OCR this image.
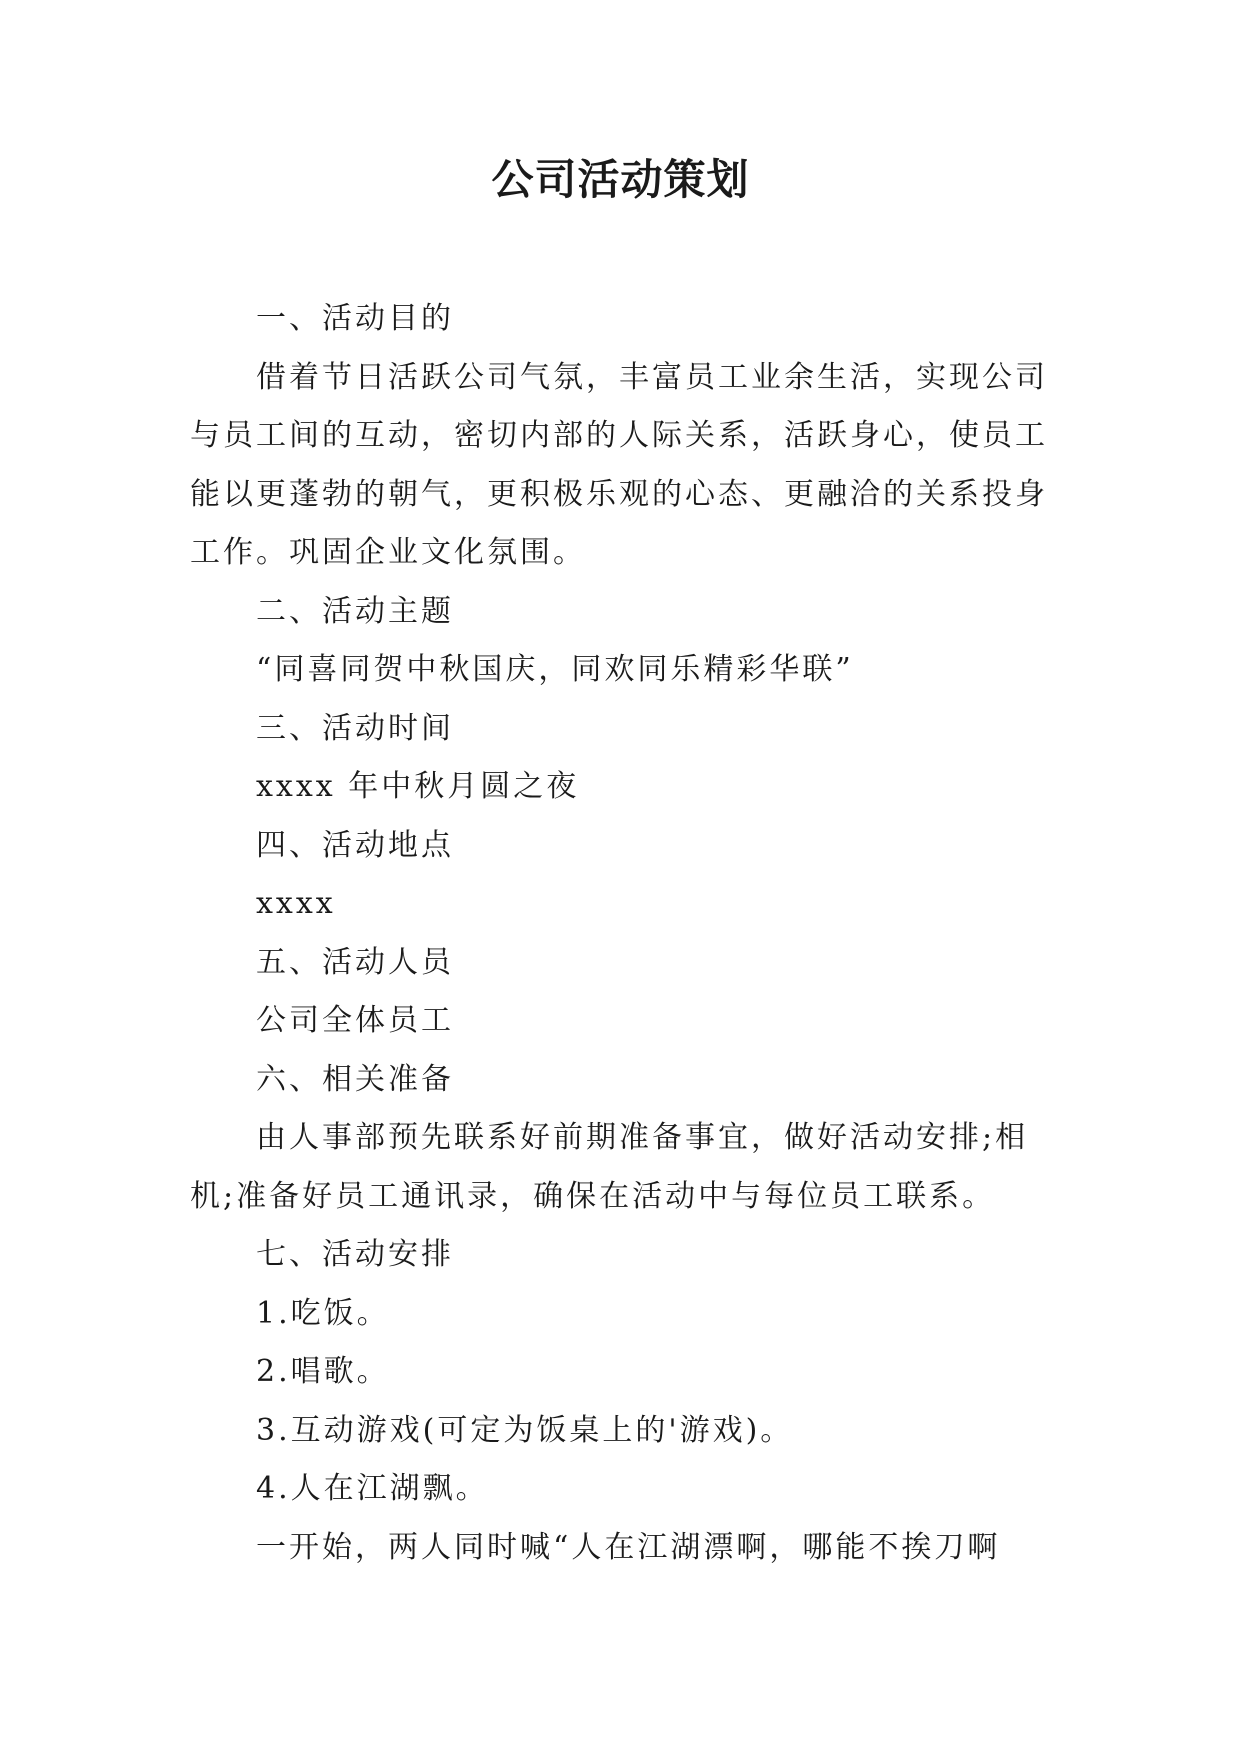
公司活动策划

一、活动目的

借着节日活跃公司气氛，丰富员工业余生活，实现公司

与员工间的互动，密切内部的人际关系，活跃身心，使员工

能以更蓬勃的朝气，更积极乐观的心态、更融洽的关系投身

工作。巩固企业文化氛围。

二、活动主题

“同喜同贺中秋国庆，同欢同乐精彩华联”

三、活动时间

xxxx 年中秋月圆之夜

四、活动地点

xxxx

五、活动人员

公司全体员工

六、相关准备

由人事部预先联系好前期准备事宜，做好活动安排;相

机;准备好员工通讯录，确保在活动中与每位员工联系。

七、活动安排

1.吃饭。

2.唱歌。

3.互动游戏(可定为饭桌上的'游戏)。

4.人在江湖飘。

一开始，两人同时喊“人在江湖漂啊，哪能不挨刀啊
